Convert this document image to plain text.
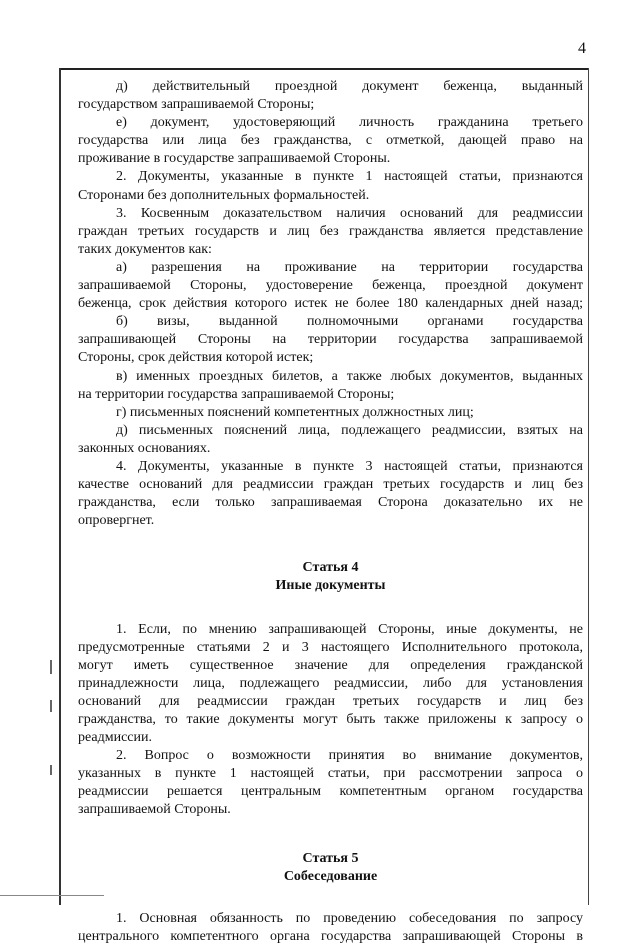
4

д) действительный проездной документ беженца, выданный

государством запрашиваемой Стороны;

е) документ, удостоверяющий личность гражданина третьего

государства или лица без гражданства, с отметкой, дающей право на

проживание в государстве запрашиваемой Стороны.

2. Документы, указанные в пункте 1 настоящей статьи, признаются

Сторонами без дополнительных формальностей.

3. Косвенным доказательством наличия оснований для реадмиссии

граждан третьих государств и лиц без гражданства является представление

таких документов как:

а) разрешения на проживание на территории государства

запрашиваемой Стороны, удостоверение беженца, проездной документ

беженца, срок действия которого истек не более 180 календарных дней назад;

б) визы, выданной полномочными органами государства

запрашивающей Стороны на территории государства запрашиваемой

Стороны, срок действия которой истек;

в) именных проездных билетов, а также любых документов, выданных

на территории государства запрашиваемой Стороны;

г) письменных пояснений компетентных должностных лиц;

д) письменных пояснений лица, подлежащего реадмиссии, взятых на

законных основаниях.

4. Документы, указанные в пункте 3 настоящей статьи, признаются

качестве оснований для реадмиссии граждан третьих государств и лиц без

гражданства, если только запрашиваемая Сторона доказательно их не

опровергнет.

Статья 4

Иные документы

1. Если, по мнению запрашивающей Стороны, иные документы, не

предусмотренные статьями 2 и 3 настоящего Исполнительного протокола,

могут иметь существенное значение для определения гражданской

принадлежности лица, подлежащего реадмиссии, либо для установления

оснований для реадмиссии граждан третьих государств и лиц без

гражданства, то такие документы могут быть также приложены к запросу о

реадмиссии.

2. Вопрос о возможности принятия во внимание документов,

указанных в пункте 1 настоящей статьи, при рассмотрении запроса о

реадмиссии решается центральным компетентным органом государства

запрашиваемой Стороны.

Статья 5

Собеседование

1. Основная обязанность по проведению собеседования по запросу

центрального компетентного органа государства запрашивающей Стороны в
